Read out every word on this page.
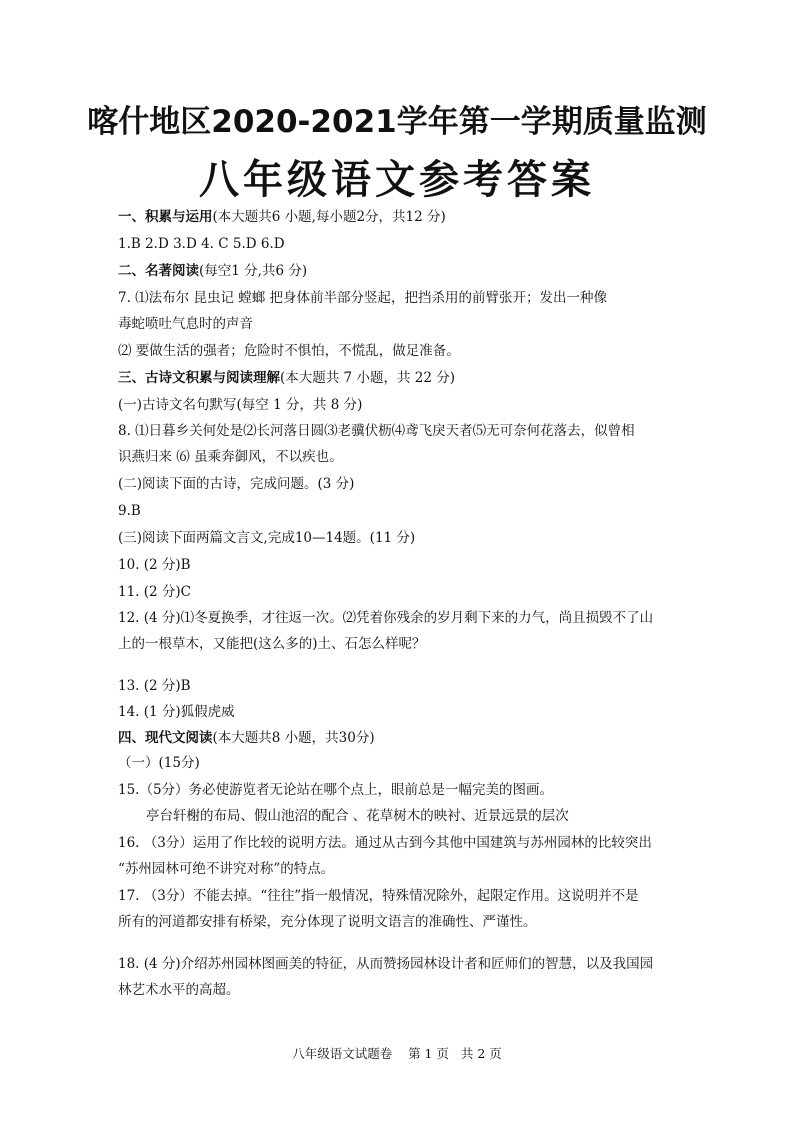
喀什地区2020-2021学年第一学期质量监测
八年级语文参考答案
一、积累与运用(本大题共6 小题,每小题2分，共12 分)
1.B 2.D 3.D 4. C 5.D 6.D
二、名著阅读(每空1 分,共6 分)
7. ⑴法布尔 昆虫记 螳螂 把身体前半部分竖起，把挡杀用的前臂张开；发出一种像
毒蛇喷吐气息时的声音
⑵ 要做生活的强者；危险时不惧怕，不慌乱，做足准备。
三、古诗文积累与阅读理解(本大题共 7 小题，共 22 分)
(一)古诗文名句默写(每空 1 分，共 8 分)
8. ⑴日暮乡关何处是⑵长河落日圆⑶老骥伏枥⑷鸢飞戾天者⑸无可奈何花落去，似曾相
识燕归来 ⑹ 虽乘奔御风，不以疾也。
(二)阅读下面的古诗，完成问题。(3 分)
9.B
(三)阅读下面两篇文言文,完成10—14题。(11 分)
10. (2 分)B
11. (2 分)C
12. (4 分)⑴冬夏换季，才往返一次。⑵凭着你残余的岁月剩下来的力气，尚且损毁不了山
上的一根草木，又能把(这么多的)土、石怎么样呢？
13. (2 分)B
14. (1 分)狐假虎威
四、现代文阅读(本大题共8 小题，共30分)
（一）(15分)
15.（5分）务必使游览者无论站在哪个点上，眼前总是一幅完美的图画。
亭台轩榭的布局、假山池沼的配合 、花草树木的映衬、近景远景的层次
16. （3分）运用了作比较的说明方法。通过从古到今其他中国建筑与苏州园林的比较突出
“苏州园林可绝不讲究对称”的特点。
17. （3分）不能去掉。“往往”指一般情况，特殊情况除外，起限定作用。这说明并不是
所有的河道都安排有桥梁，充分体现了说明文语言的准确性、严谨性。
18. (4 分)介绍苏州园林图画美的特征，从而赞扬园林设计者和匠师们的智慧，以及我国园
林艺术水平的高超。
八年级语文试题卷    第 1 页   共 2 页
